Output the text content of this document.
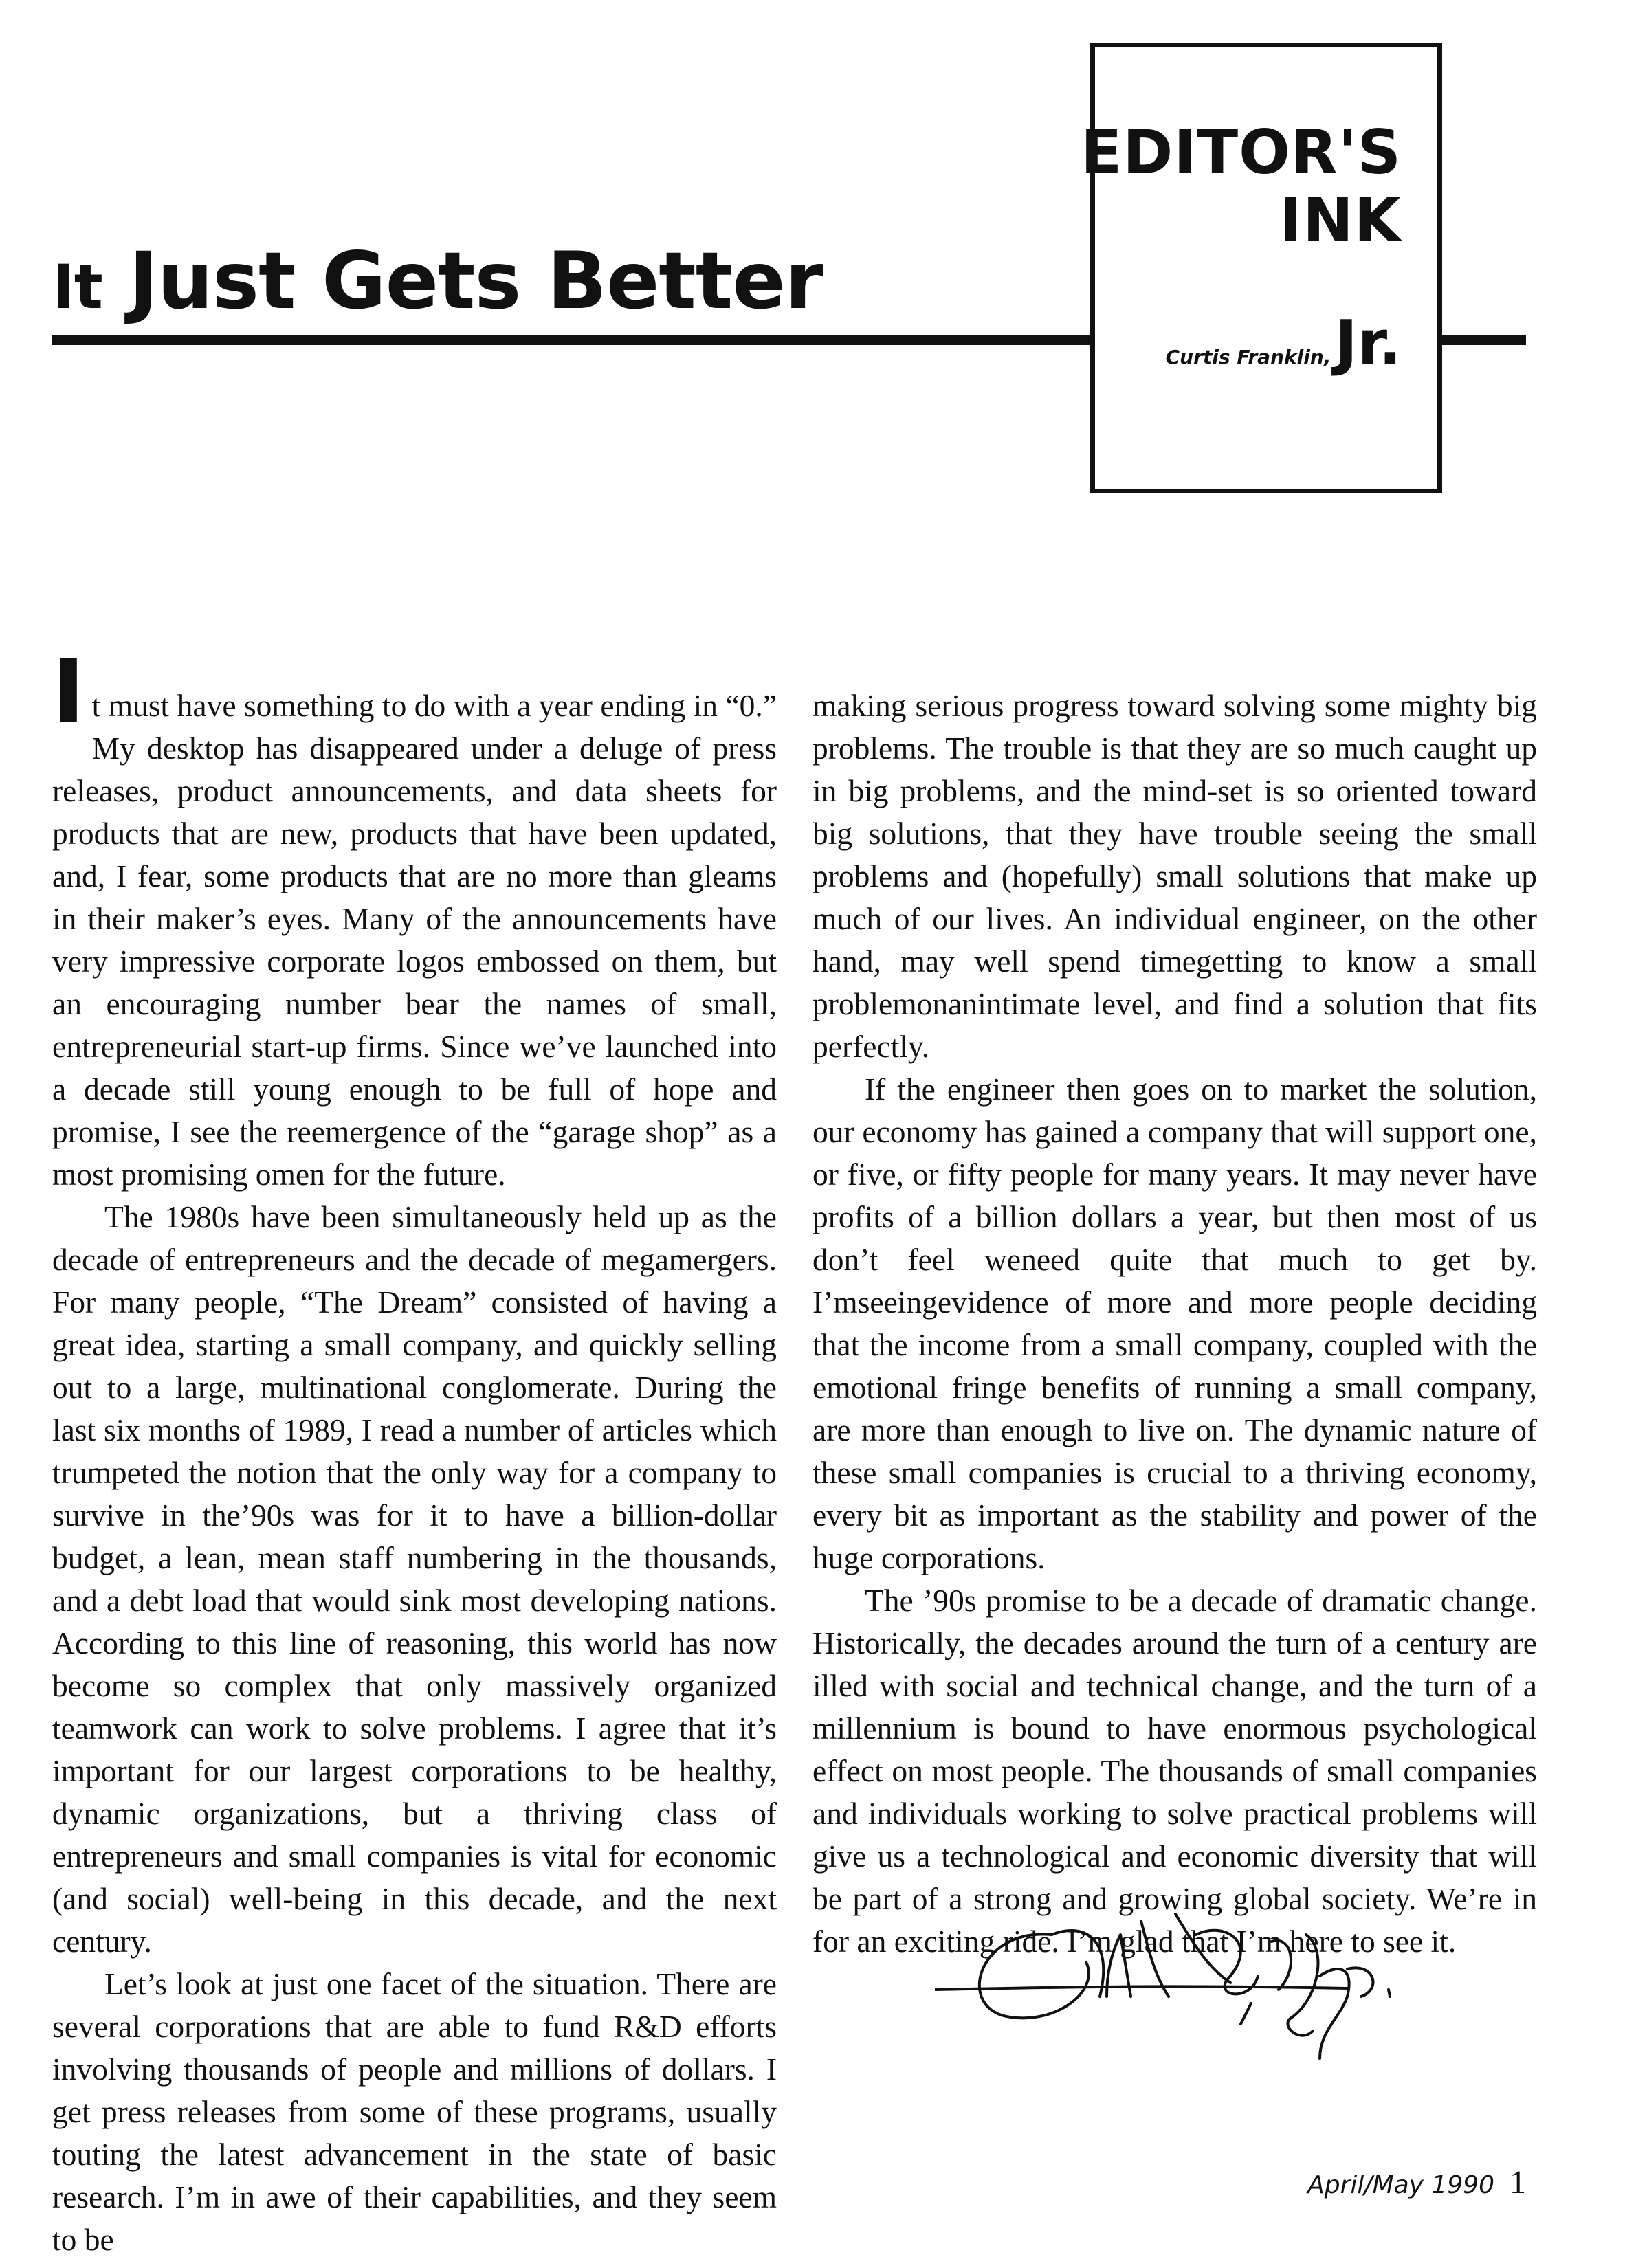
It Just Gets Better
EDITOR'S
INK
Curtis Franklin, Jr.

It must have something to do with a year ending in “0.” My desktop has disappeared under a deluge of press releases, product announcements, and data sheets for products that are new, products that have been updated, and, I fear, some products that are no more than gleams in their maker’s eyes. Many of the announcements have very impressive corporate logos embossed on them, but an encouraging number bear the names of small, entrepreneurial start-up firms. Since we’ve launched into a decade still young enough to be full of hope and promise, I see the reemergence of the “garage shop” as a most promising omen for the future.

The 1980s have been simultaneously held up as the decade of entrepreneurs and the decade of megamergers. For many people, “The Dream” consisted of having a great idea, starting a small company, and quickly selling out to a large, multinational conglomerate. During the last six months of 1989, I read a number of articles which trumpeted the notion that the only way for a company to survive in the’90s was for it to have a billion-dollar budget, a lean, mean staff numbering in the thousands, and a debt load that would sink most developing nations. According to this line of reasoning, this world has now become so complex that only massively organized teamwork can work to solve problems. I agree that it’s important for our largest corporations to be healthy, dynamic organizations, but a thriving class of entrepreneurs and small companies is vital for economic (and social) well-being in this decade, and the next century.

Let’s look at just one facet of the situation. There are several corporations that are able to fund R&D efforts involving thousands of people and millions of dollars. I get press releases from some of these programs, usually touting the latest advancement in the state of basic research. I’m in awe of their capabilities, and they seem to be

making serious progress toward solving some mighty big problems. The trouble is that they are so much caught up in big problems, and the mind-set is so oriented toward big solutions, that they have trouble seeing the small problems and (hopefully) small solutions that make up much of our lives. An individual engineer, on the other hand, may well spend timegetting to know a small problemonanintimate level, and find a solution that fits perfectly.

If the engineer then goes on to market the solution, our economy has gained a company that will support one, or five, or fifty people for many years. It may never have profits of a billion dollars a year, but then most of us don’t feel weneed quite that much to get by. I’mseeingevidence of more and more people deciding that the income from a small company, coupled with the emotional fringe benefits of running a small company, are more than enough to live on. The dynamic nature of these small companies is crucial to a thriving economy, every bit as important as the stability and power of the huge corporations.

The ’90s promise to be a decade of dramatic change. Historically, the decades around the turn of a century are illed with social and technical change, and the turn of a millennium is bound to have enormous psychological effect on most people. The thousands of small companies and individuals working to solve practical problems will give us a technological and economic diversity that will be part of a strong and growing global society. We’re in for an exciting ride. I’m glad that I’m here to see it.

April/May 1990 1
